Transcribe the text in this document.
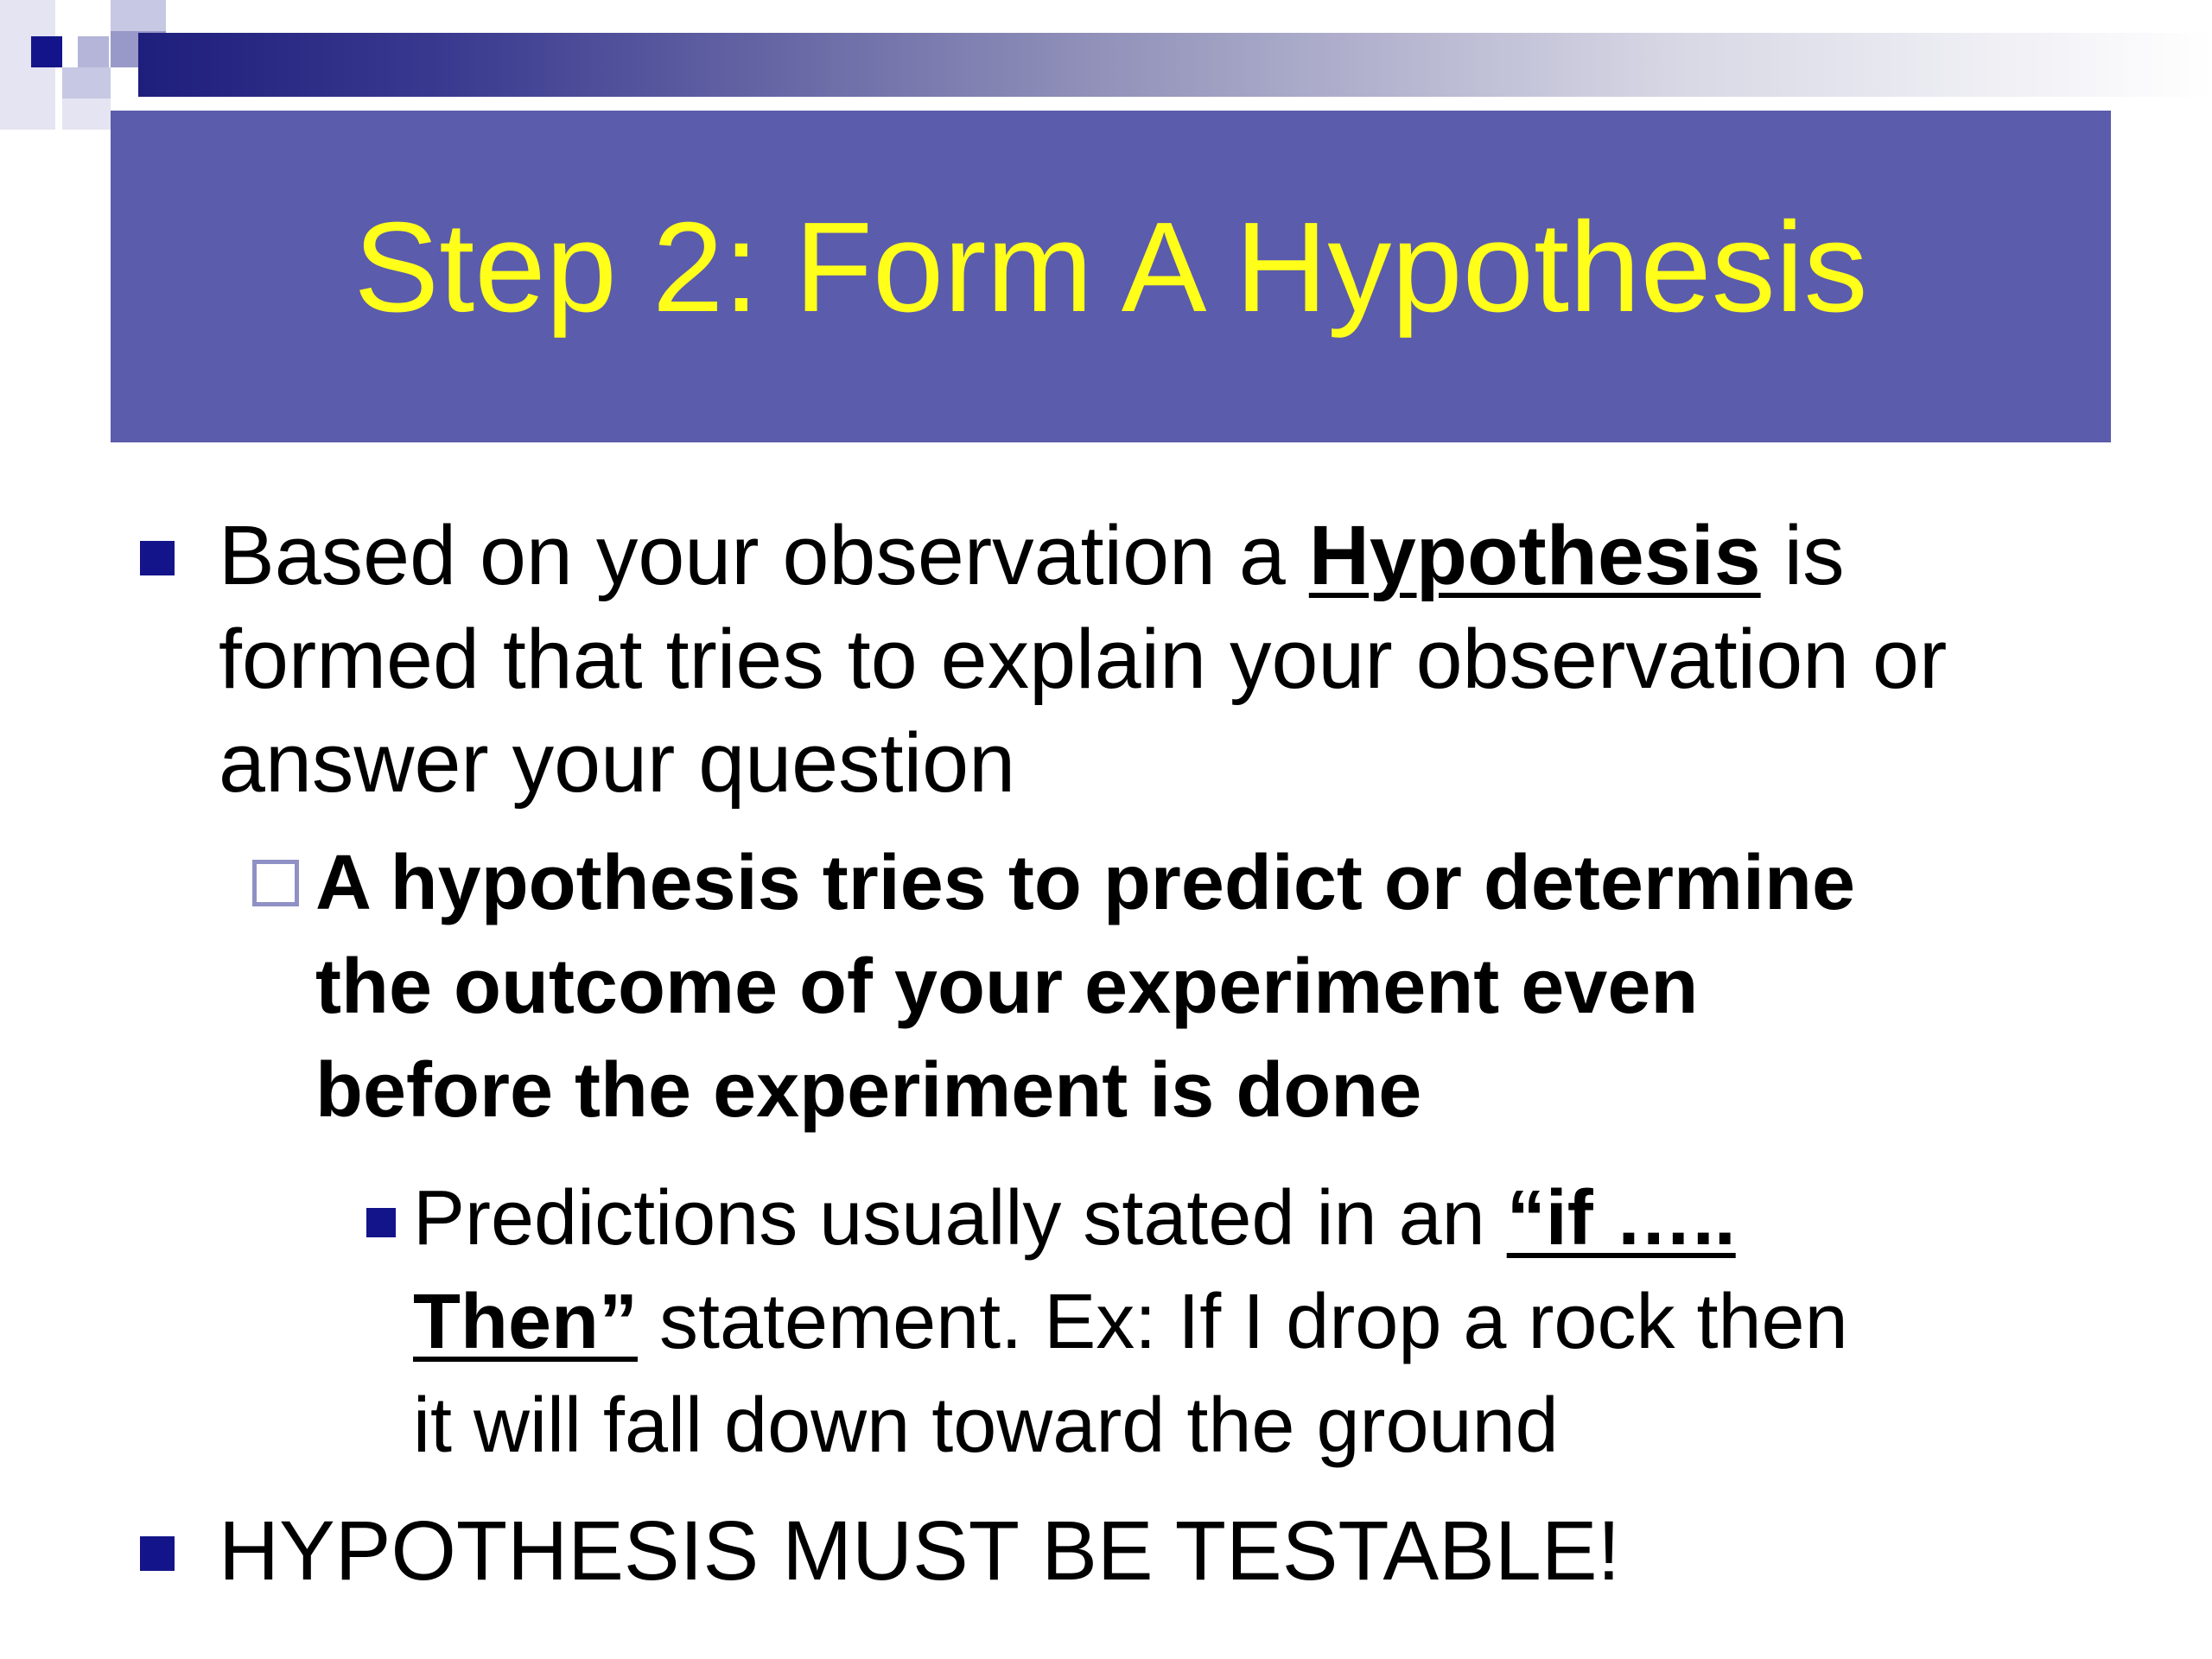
Step 2: Form A Hypothesis
Based on your observation a Hypothesis is
formed that tries to explain your observation or
answer your question
A hypothesis tries to predict or determine
the outcome of your experiment even
before the experiment is done
Predictions usually stated in an “if …..
Then” statement. Ex: If I drop a rock then
it will fall down toward the ground
HYPOTHESIS MUST BE TESTABLE!
